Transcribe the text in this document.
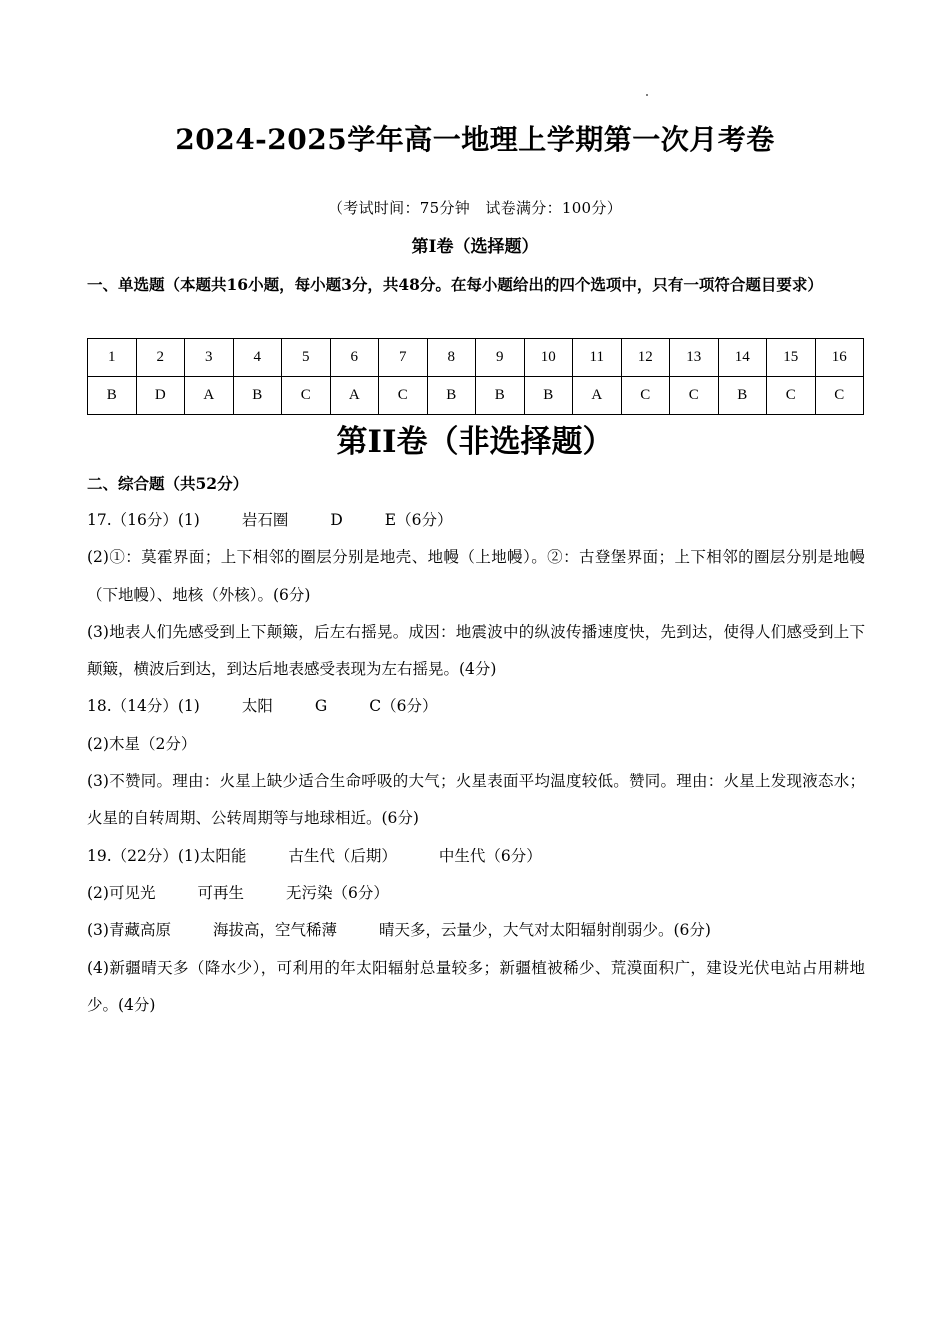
2024-2025学年高一地理上学期第一次月考卷
（考试时间：75分钟　试卷满分：100分）
第Ⅰ卷（选择题）
一、单选题（本题共16小题，每小题3分，共48分。在每小题给出的四个选项中，只有一项符合题目要求）
1	2	3	4	5	6	7	8	9	10	11	12	13	14	15	16
B	D	A	B	C	A	C	B	B	B	A	C	C	B	C	C
第II卷（非选择题）
二、综合题（共52分）

17.（16分）(1)	岩石圈	D	E（6分）

(2)①：莫霍界面；上下相邻的圈层分别是地壳、地幔（上地幔）。②：古登堡界面；上下相邻的圈层分别是地幔（下地幔）、地核（外核）。(6分)

(3)地表人们先感受到上下颠簸，后左右摇晃。成因：地震波中的纵波传播速度快，先到达，使得人们感受到上下颠簸，横波后到达，到达后地表感受表现为左右摇晃。(4分)

18.（14分）(1)	太阳	G	C（6分）

(2)木星（2分）

(3)不赞同。理由：火星上缺少适合生命呼吸的大气；火星表面平均温度较低。赞同。理由：火星上发现液态水；火星的自转周期、公转周期等与地球相近。(6分)

19.（22分）(1)太阳能	古生代（后期）	中生代（6分）

(2)可见光	可再生	无污染（6分）

(3)青藏高原	海拔高，空气稀薄	晴天多，云量少，大气对太阳辐射削弱少。(6分)

(4)新疆晴天多（降水少），可利用的年太阳辐射总量较多；新疆植被稀少、荒漠面积广，建设光伏电站占用耕地少。(4分)
